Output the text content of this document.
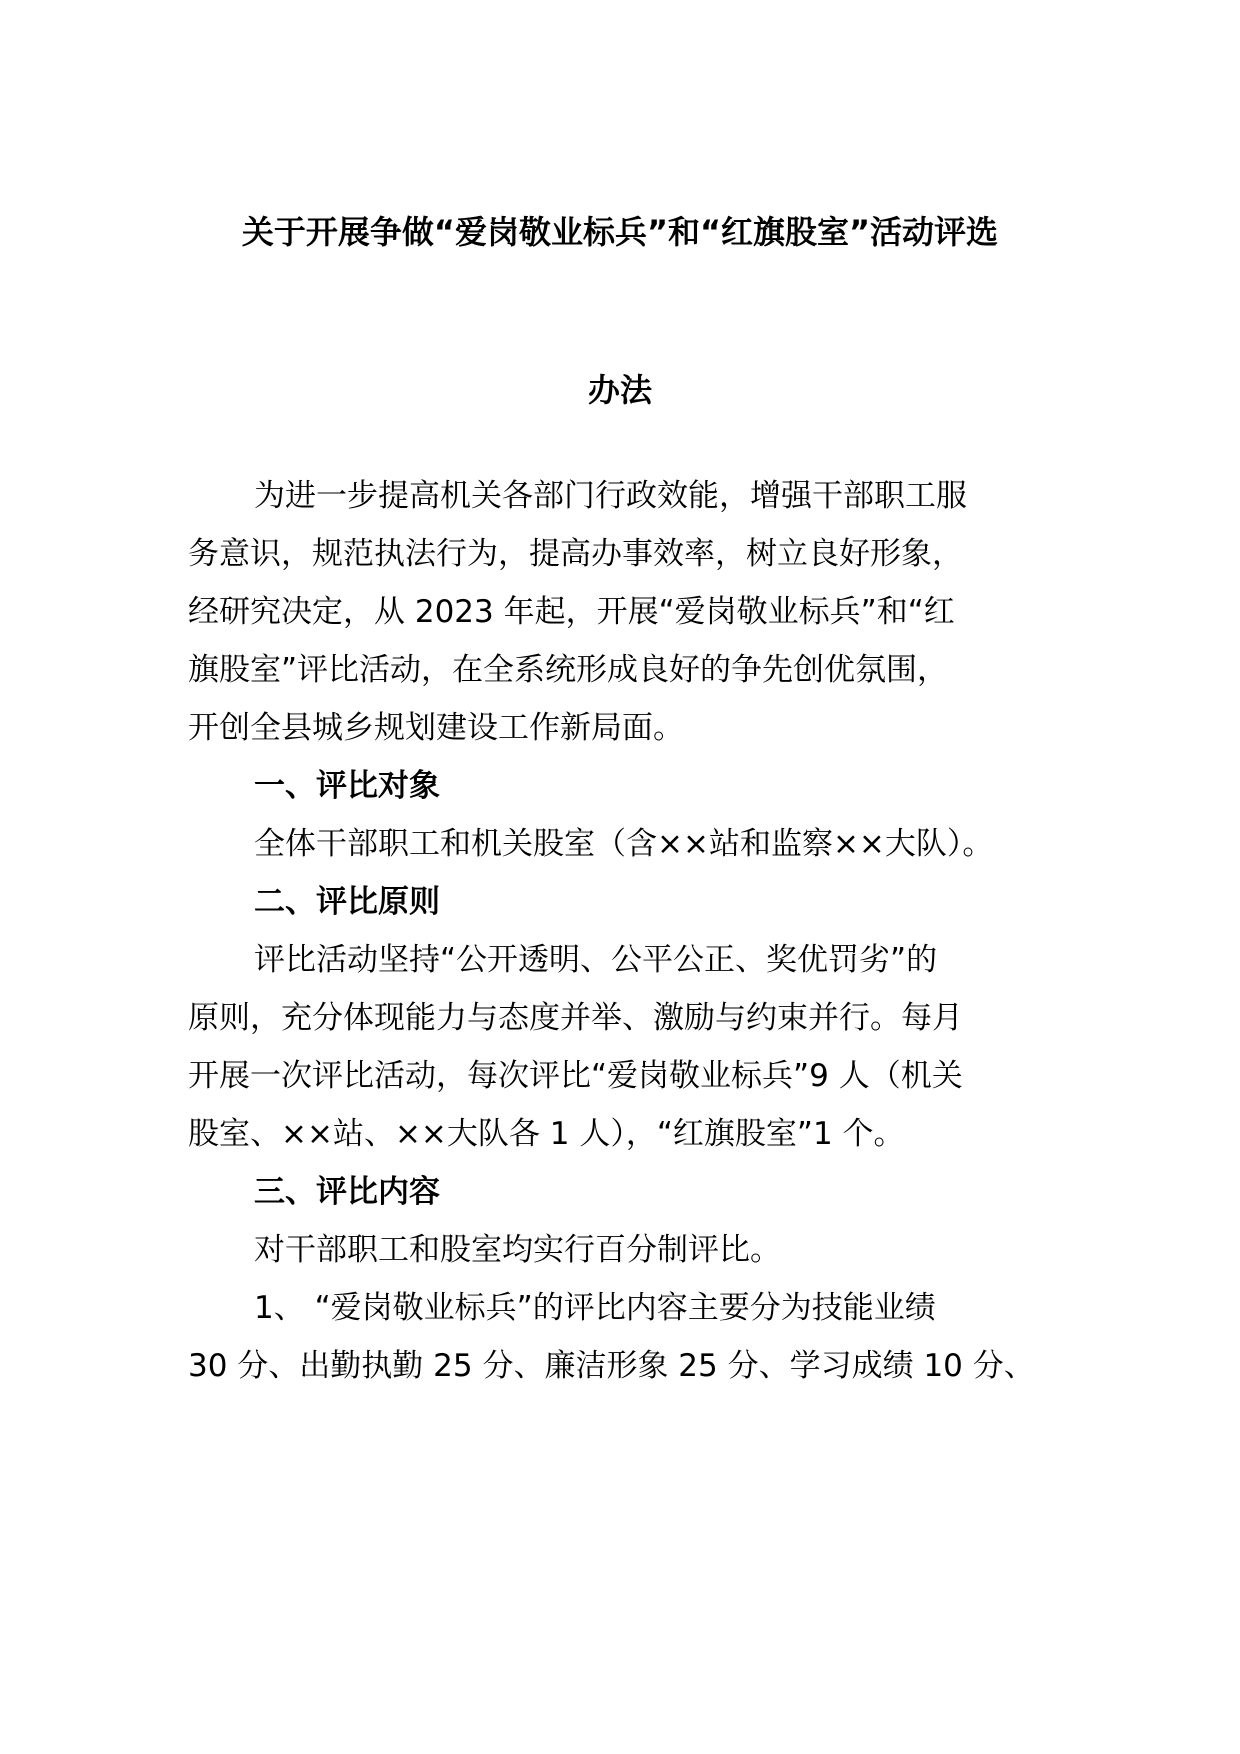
关于开展争做“爱岗敬业标兵”和“红旗股室”活动评选
办法
为进一步提高机关各部门行政效能，增强干部职工服
务意识，规范执法行为，提高办事效率，树立良好形象，
经研究决定，从 2023 年起，开展“爱岗敬业标兵”和“红
旗股室”评比活动，在全系统形成良好的争先创优氛围，
开创全县城乡规划建设工作新局面。
一、评比对象
全体干部职工和机关股室（含××站和监察××大队）。
二、评比原则
评比活动坚持“公开透明、公平公正、奖优罚劣”的
原则，充分体现能力与态度并举、激励与约束并行。每月
开展一次评比活动，每次评比“爱岗敬业标兵”9 人（机关
股室、××站、××大队各 1 人），“红旗股室”1 个。
三、评比内容
对干部职工和股室均实行百分制评比。
1、 “爱岗敬业标兵”的评比内容主要分为技能业绩
30 分、出勤执勤 25 分、廉洁形象 25 分、学习成绩 10 分、
